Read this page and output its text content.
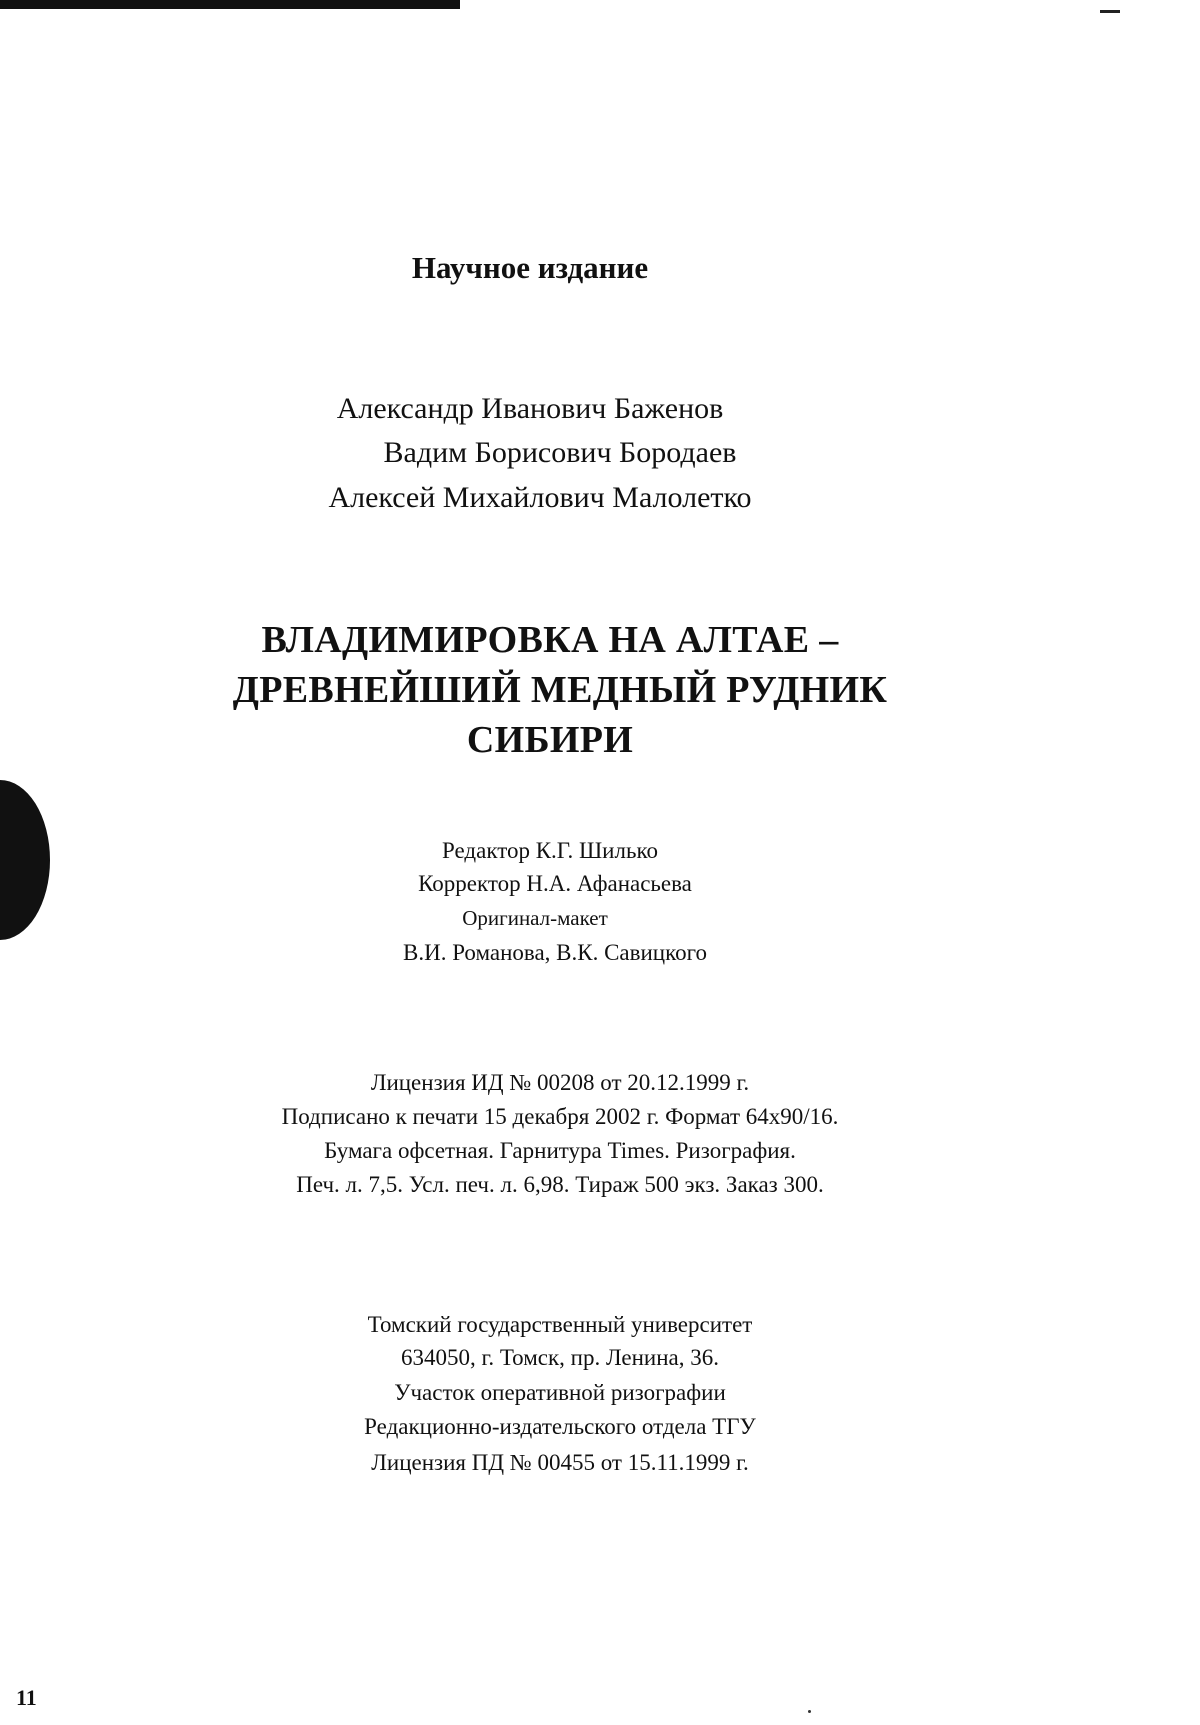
Научное издание
Александр Иванович Баженов
Вадим Борисович Бородаев
Алексей Михайлович Малолетко
ВЛАДИМИРОВКА НА АЛТАЕ –
ДРЕВНЕЙШИЙ МЕДНЫЙ РУДНИК
СИБИРИ
Редактор К.Г. Шилько
Корректор Н.А. Афанасьева
Оригинал-макет
В.И. Романова, В.К. Савицкого
Лицензия ИД № 00208 от 20.12.1999 г.
Подписано к печати 15 декабря 2002 г. Формат 64х90/16.
Бумага офсетная. Гарнитура Times. Ризография.
Печ. л. 7,5. Усл. печ. л. 6,98. Тираж 500 экз. Заказ 300.
Томский государственный университет
634050, г. Томск, пр. Ленина, 36.
Участок оперативной ризографии
Редакционно-издательского отдела ТГУ
Лицензия ПД № 00455 от 15.11.1999 г.
11
